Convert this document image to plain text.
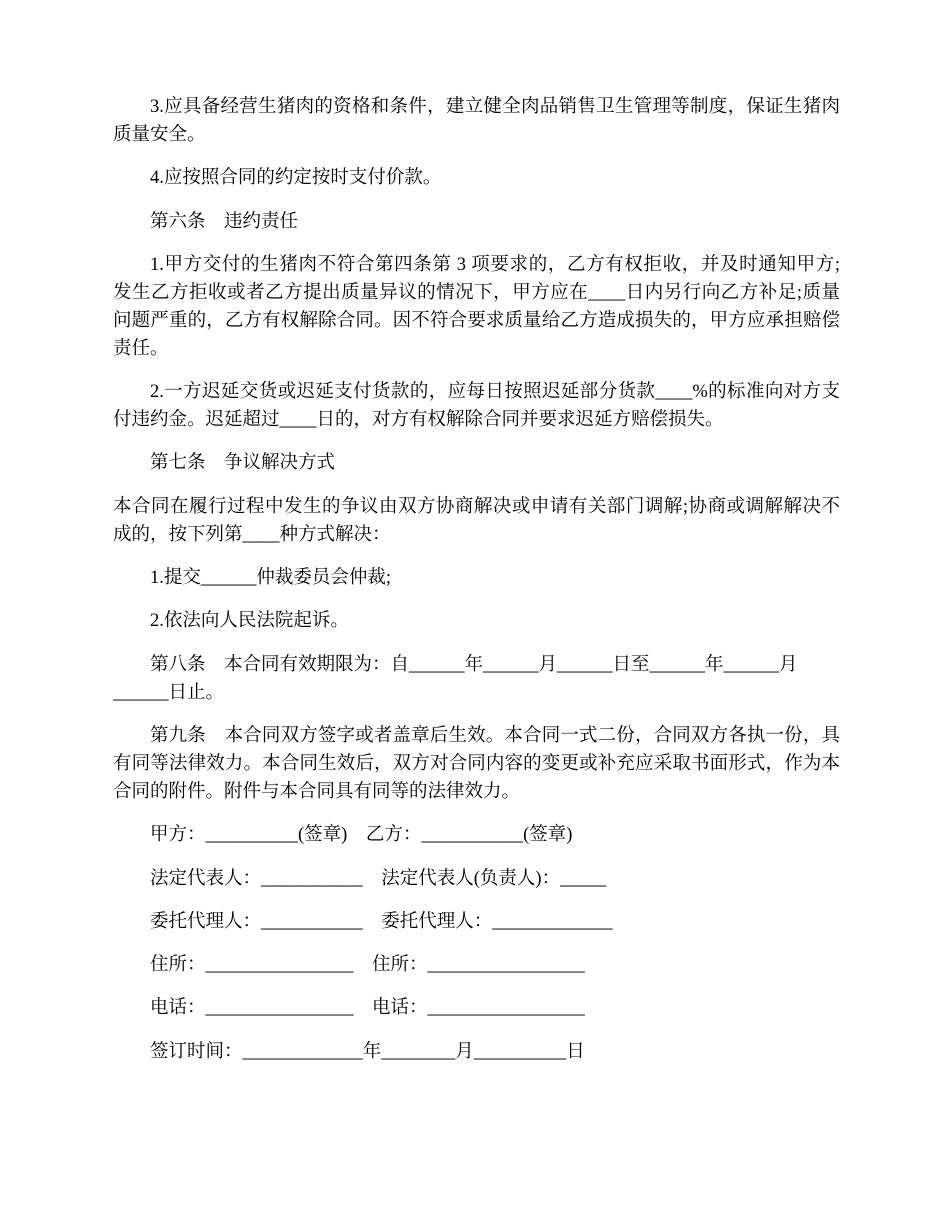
3.应具备经营生猪肉的资格和条件，建立健全肉品销售卫生管理等制度，保证生猪肉
质量安全。
4.应按照合同的约定按时支付价款。
第六条　违约责任
1.甲方交付的生猪肉不符合第四条第 3 项要求的，乙方有权拒收，并及时通知甲方;
发生乙方拒收或者乙方提出质量异议的情况下，甲方应在____日内另行向乙方补足;质量
问题严重的，乙方有权解除合同。因不符合要求质量给乙方造成损失的，甲方应承担赔偿
责任。
2.一方迟延交货或迟延支付货款的，应每日按照迟延部分货款____%的标准向对方支
付违约金。迟延超过____日的，对方有权解除合同并要求迟延方赔偿损失。
第七条　争议解决方式
本合同在履行过程中发生的争议由双方协商解决或申请有关部门调解;协商或调解解决不
成的，按下列第____种方式解决：
1.提交______仲裁委员会仲裁;
2.依法向人民法院起诉。
第八条　本合同有效期限为：自______年______月______日至______年______月
______日止。
第九条　本合同双方签字或者盖章后生效。本合同一式二份，合同双方各执一份，具
有同等法律效力。本合同生效后，双方对合同内容的变更或补充应采取书面形式，作为本
合同的附件。附件与本合同具有同等的法律效力。
甲方：__________(签章)　乙方：___________(签章)
法定代表人：___________　法定代表人(负责人)：_____
委托代理人：___________　委托代理人：_____________
住所：________________　住所：_________________
电话：________________　电话：_________________
签订时间：_____________年________月__________日
